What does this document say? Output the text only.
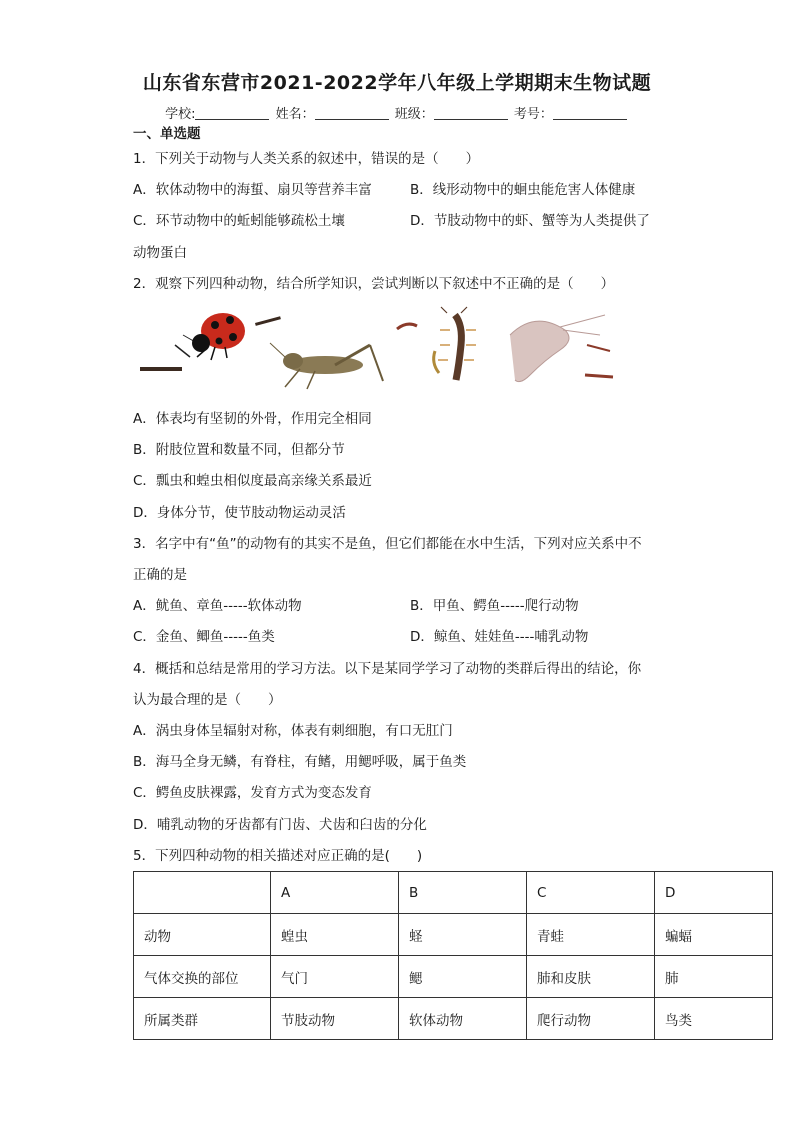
山东省东营市2021-2022学年八年级上学期期末生物试题
学校:	姓名：	班级：	考号：
一、单选题
1．下列关于动物与人类关系的叙述中，错误的是（　　）
A．软体动物中的海蜇、扇贝等营养丰富	B．线形动物中的蛔虫能危害人体健康
C．环节动物中的蚯蚓能够疏松土壤	D．节肢动物中的虾、蟹等为人类提供了
动物蛋白
2．观察下列四种动物，结合所学知识，尝试判断以下叙述中不正确的是（　　）
A．体表均有坚韧的外骨，作用完全相同
B．附肢位置和数量不同，但都分节
C．瓢虫和蝗虫相似度最高亲缘关系最近
D．身体分节，使节肢动物运动灵活
3．名字中有“鱼”的动物有的其实不是鱼，但它们都能在水中生活，下列对应关系中不
正确的是
A．鱿鱼、章鱼-----软体动物	B．甲鱼、鳄鱼-----爬行动物
C．金鱼、鲫鱼-----鱼类	D．鲸鱼、娃娃鱼----哺乳动物
4．概括和总结是常用的学习方法。以下是某同学学习了动物的类群后得出的结论，你
认为最合理的是（　　）
A．涡虫身体呈辐射对称，体表有刺细胞，有口无肛门
B．海马全身无鳞，有脊柱，有鳍，用鳃呼吸，属于鱼类
C．鳄鱼皮肤裸露，发育方式为变态发育
D．哺乳动物的牙齿都有门齿、犬齿和臼齿的分化
5．下列四种动物的相关描述对应正确的是(　　)
	A	B	C	D
动物	蝗虫	蛏	青蛙	蝙蝠
气体交换的部位	气门	鳃	肺和皮肤	肺
所属类群	节肢动物	软体动物	爬行动物	鸟类
